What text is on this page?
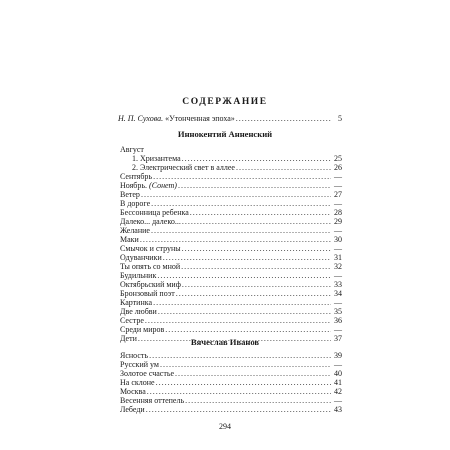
СОДЕРЖАНИЕ
Н. П. Сухова. «Утонченная эпоха» .....	5
Иннокентий Анненский
Август
1. Хризантема .....	25
2. Электрический свет в аллее .....	26
Сентябрь .....	—
Ноябрь. (Сонет) .....	—
Ветер .....	27
В дороге .....	—
Бессонница ребенка .....	28
Далеко... далеко... .....	29
Желание .....	—
Маки .....	30
Смычок и струны .....	—
Одуванчики .....	31
Ты опять со мной .....	32
Будильник .....	—
Октябрьский миф .....	33
Бронзовый поэт .....	34
Картинка .....	—
Две любви .....	35
Сестре .....	36
Среди миров .....	—
Дети .....	37
Вячеслав Иванов
Ясность .....	39
Русский ум .....	—
Золотое счастье .....	40
На склоне .....	41
Москва .....	42
Весенняя оттепель .....	—
Лебеди .....	43

294
